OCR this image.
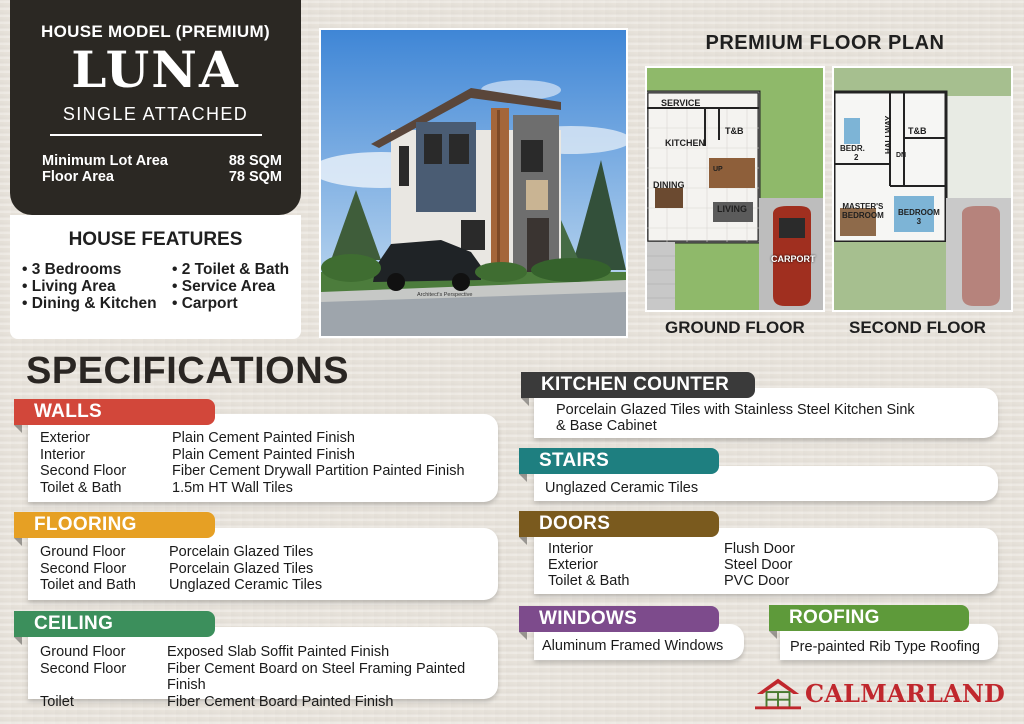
HOUSE MODEL (PREMIUM)
LUNA
SINGLE ATTACHED
Minimum Lot Area	88 SQM
Floor Area	78 SQM
HOUSE FEATURES
• 3 Bedrooms
• Living Area
• Dining & Kitchen
• 2 Toilet & Bath
• Service Area
• Carport	Architect's Perspective
PREMIUM FLOOR PLAN
SERVICE
T&B
KITCHEN
DINING
UP
LIVING
CARPORT
T&B
BEDR.
2
HALLWAY
DN
MASTER'S
BEDROOM BEDROOM
3
GROUND FLOOR	SECOND FLOOR
SPECIFICATIONS
Exterior	Plain Cement Painted Finish
Interior	Plain Cement Painted Finish
Second Floor	Fiber Cement Drywall Partition Painted Finish
Toilet & Bath	1.5m HT Wall Tiles
WALLS
Ground Floor	Porcelain Glazed Tiles
Second Floor	Porcelain Glazed Tiles
Toilet and Bath	Unglazed Ceramic Tiles
FLOORING
Ground Floor	Exposed Slab Soffit Painted Finish
Second Floor	Fiber Cement Board on Steel Framing Painted Finish
Toilet	Fiber Cement Board Painted Finish
CEILING
Porcelain Glazed Tiles with Stainless Steel Kitchen Sink
& Base Cabinet
KITCHEN COUNTER
Unglazed Ceramic Tiles
STAIRS
Interior	Flush Door
Exterior	Steel Door
Toilet & Bath	PVC Door
DOORS
Aluminum Framed Windows
WINDOWS
Pre-painted Rib Type Roofing
ROOFING
CALMARLAND
